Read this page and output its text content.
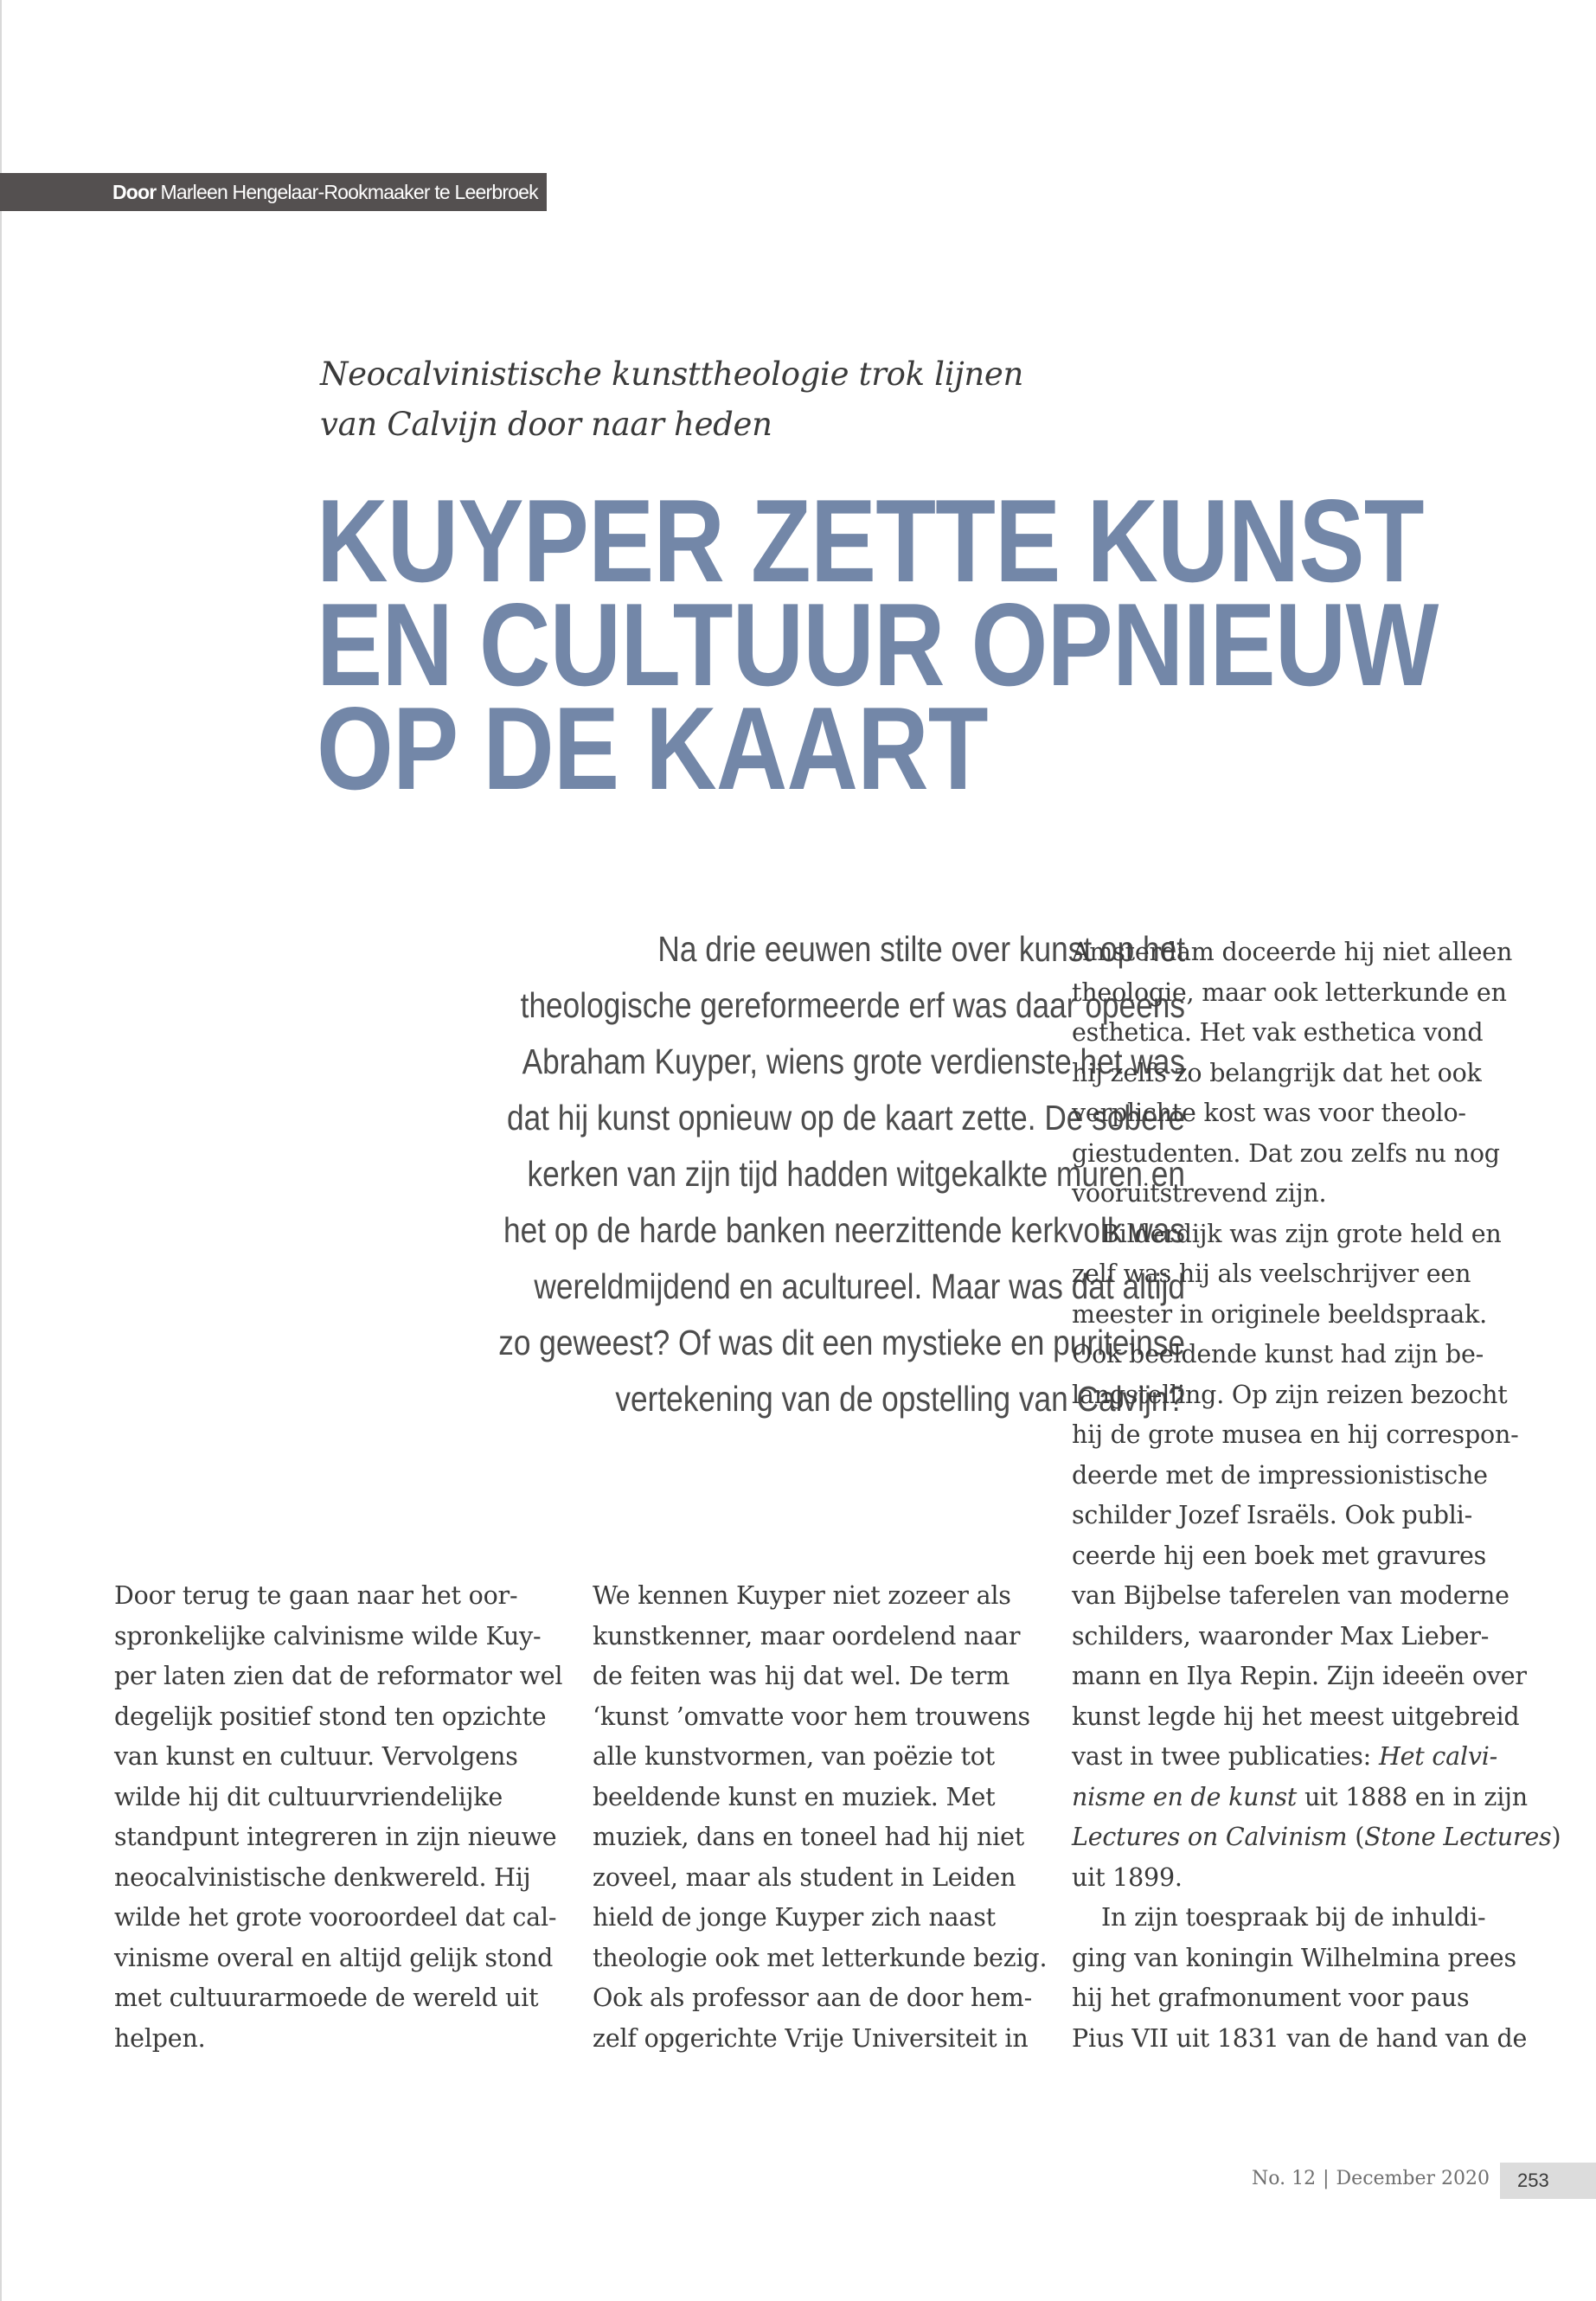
Door Marleen Hengelaar-Rookmaaker te Leerbroek
Neocalvinistische kunsttheologie trok lijnen
van Calvijn door naar heden
KUYPER ZETTE KUNST
EN CULTUUR OPNIEUW
OP DE KAART
Na drie eeuwen stilte over kunst op het
theologische gereformeerde erf was daar opeens
Abraham Kuyper, wiens grote verdienste het was
dat hij kunst opnieuw op de kaart zette. De sobere
kerken van zijn tijd hadden witgekalkte muren en
het op de harde banken neerzittende kerkvolk was
wereldmijdend en acultureel. Maar was dat altijd
zo geweest? Of was dit een mystieke en puriteinse
vertekening van de opstelling van Calvijn?
Door terug te gaan naar het oor-
spronkelijke calvinisme wilde Kuy-
per laten zien dat de reformator wel
degelijk positief stond ten opzichte
van kunst en cultuur. Vervolgens
wilde hij dit cultuurvriendelijke
standpunt integreren in zijn nieuwe
neocalvinistische denkwereld. Hij
wilde het grote vooroordeel dat cal-
vinisme overal en altijd gelijk stond
met cultuurarmoede de wereld uit
helpen.
We kennen Kuyper niet zozeer als
kunstkenner, maar oordelend naar
de feiten was hij dat wel. De term
‘kunst ’omvatte voor hem trouwens
alle kunstvormen, van poëzie tot
beeldende kunst en muziek. Met
muziek, dans en toneel had hij niet
zoveel, maar als student in Leiden
hield de jonge Kuyper zich naast
theologie ook met letterkunde bezig.
Ook als professor aan de door hem-
zelf opgerichte Vrije Universiteit in
Amsterdam doceerde hij niet alleen
theologie, maar ook letterkunde en
esthetica. Het vak esthetica vond
hij zelfs zo belangrijk dat het ook
verplichte kost was voor theolo-
giestudenten. Dat zou zelfs nu nog
vooruitstrevend zijn.
Bilderdijk was zijn grote held en
zelf was hij als veelschrijver een
meester in originele beeldspraak.
Ook beeldende kunst had zijn be-
langstelling. Op zijn reizen bezocht
hij de grote musea en hij correspon-
deerde met de impressionistische
schilder Jozef Israëls. Ook publi-
ceerde hij een boek met gravures
van Bijbelse taferelen van moderne
schilders, waaronder Max Lieber-
mann en Ilya Repin. Zijn ideeën over
kunst legde hij het meest uitgebreid
vast in twee publicaties: Het calvi-
nisme en de kunst uit 1888 en in zijn
Lectures on Calvinism (Stone Lectures)
uit 1899.
In zijn toespraak bij de inhuldi-
ging van koningin Wilhelmina prees
hij het grafmonument voor paus
Pius VII uit 1831 van de hand van de
No. 12 | December 2020	253
